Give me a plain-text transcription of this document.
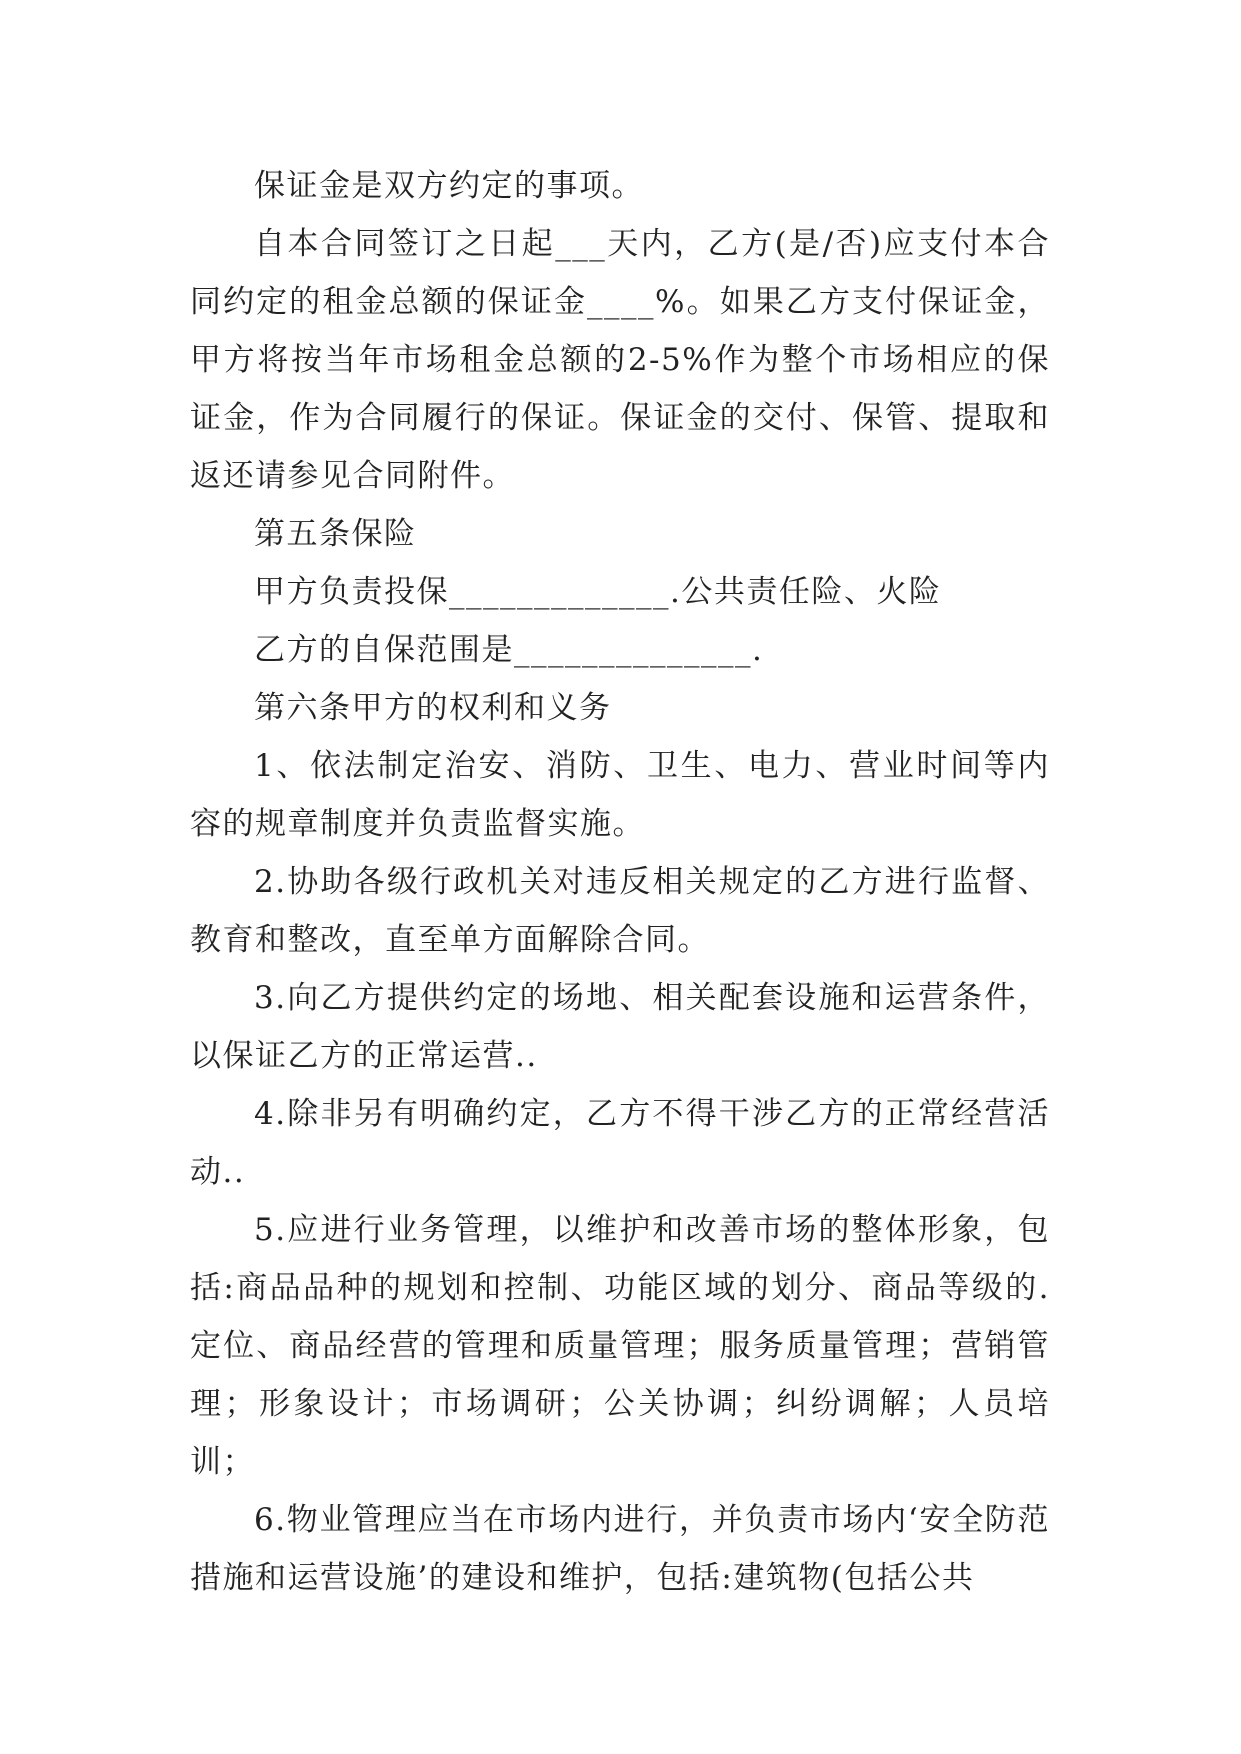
保证金是双方约定的事项。

自本合同签订之日起___天内，乙方(是/否)应支付本合同约定的租金总额的保证金____%。如果乙方支付保证金，甲方将按当年市场租金总额的2-5%作为整个市场相应的保证金，作为合同履行的保证。保证金的交付、保管、提取和返还请参见合同附件。

第五条保险

甲方负责投保_____________.公共责任险、火险

乙方的自保范围是______________.

第六条甲方的权利和义务

1、依法制定治安、消防、卫生、电力、营业时间等内容的规章制度并负责监督实施。

2.协助各级行政机关对违反相关规定的乙方进行监督、教育和整改，直至单方面解除合同。

3.向乙方提供约定的场地、相关配套设施和运营条件，以保证乙方的正常运营..

4.除非另有明确约定，乙方不得干涉乙方的正常经营活动..

5.应进行业务管理，以维护和改善市场的整体形象，包括:商品品种的规划和控制、功能区域的划分、商品等级的.定位、商品经营的管理和质量管理；服务质量管理；营销管理；形象设计；市场调研；公关协调；纠纷调解；人员培训；

6.物业管理应当在市场内进行，并负责市场内‘安全防范措施和运营设施’的建设和维护，包括:建筑物(包括公共
